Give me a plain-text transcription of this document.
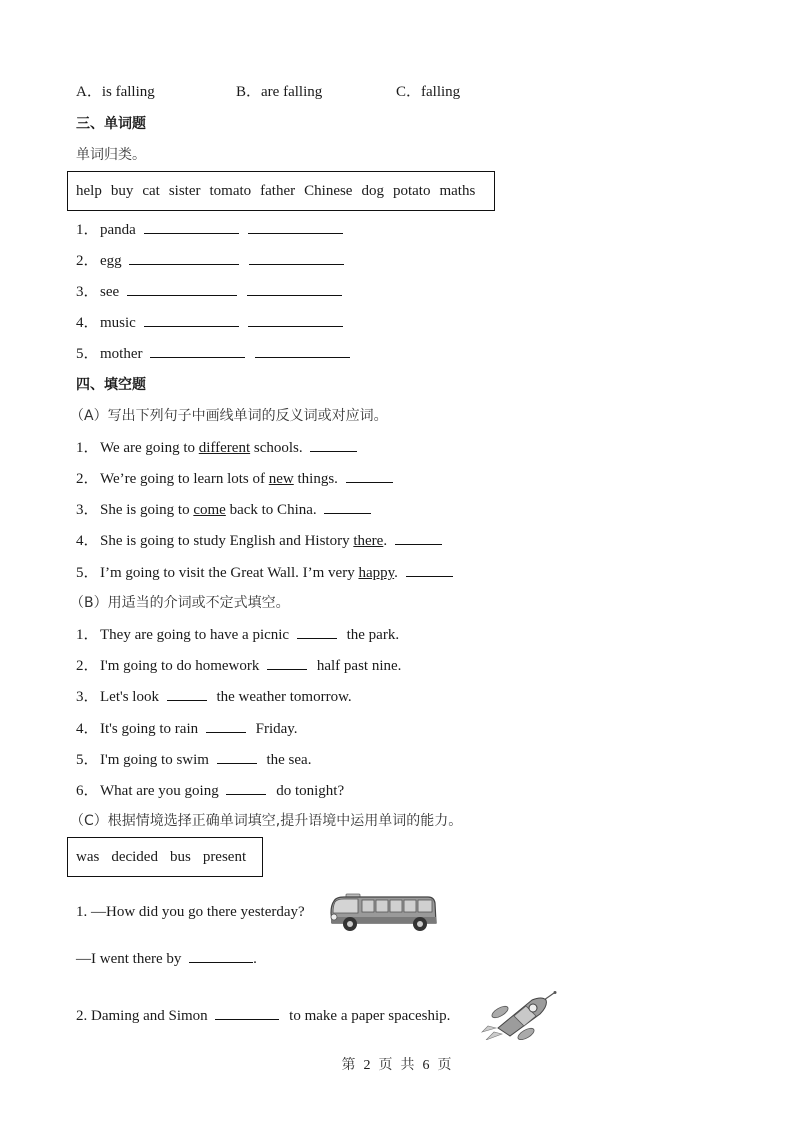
A．is falling	B．are falling	C．falling
三、单词题
单词归类。
help buy cat sister tomato father Chinese dog potato maths
1．panda
2．egg
3．see
4．music
5．mother
四、填空题
（A）写出下列句子中画线单词的反义词或对应词。
1．We are going to different schools.
2．We’re going to learn lots of new things.
3．She is going to come back to China.
4．She is going to study English and History there.
5．I’m going to visit the Great Wall. I’m very happy.
（B）用适当的介词或不定式填空。
1．They are going to have a picnic	the park.
2．I'm going to do homework	half past nine.
3．Let's look	the weather tomorrow.
4．It's going to rain	Friday.
5．I'm going to swim	the sea.
6．What are you going	do tonight?
（C）根据情境选择正确单词填空,提升语境中运用单词的能力。
was decided bus present
1. —How did you go there yesterday?
—I went there by	.
2. Daming and Simon	to make a paper spaceship.
第 2 页 共 6 页
